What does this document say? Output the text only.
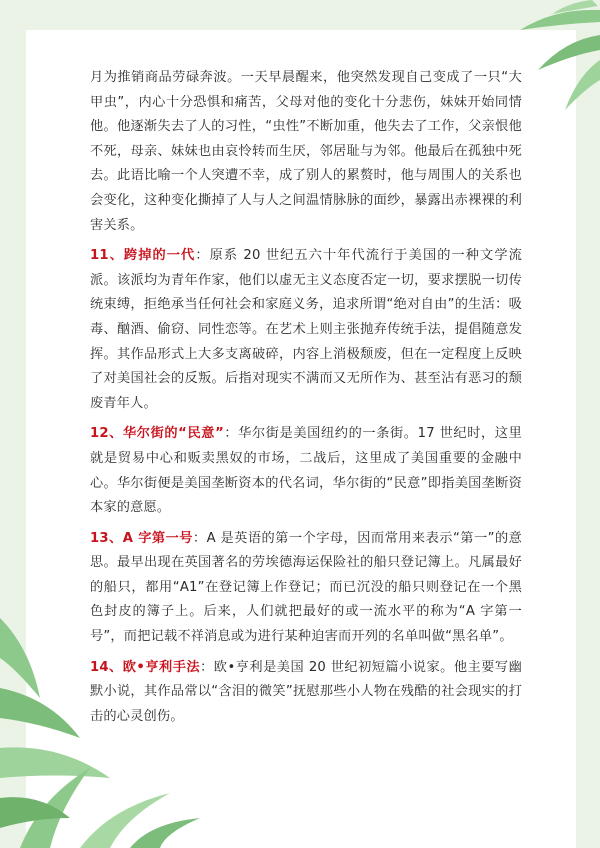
月为推销商品劳碌奔波。一天早晨醒来，他突然发现自己变成了一只“大甲虫”，内心十分恐惧和痛苦，父母对他的变化十分悲伤，妹妹开始同情他。他逐渐失去了人的习性，“虫性”不断加重，他失去了工作，父亲恨他不死，母亲、妹妹也由哀怜转而生厌，邻居耻与为邻。他最后在孤独中死去。此语比喻一个人突遭不幸，成了别人的累赘时，他与周围人的关系也会变化，这种变化撕掉了人与人之间温情脉脉的面纱，暴露出赤裸裸的利害关系。

11、跨掉的一代：原系 20 世纪五六十年代流行于美国的一种文学流派。该派均为青年作家，他们以虚无主义态度否定一切，要求摆脱一切传统束缚，拒绝承当任何社会和家庭义务，追求所谓“绝对自由”的生活：吸毒、酗酒、偷窃、同性恋等。在艺术上则主张抛弃传统手法，提倡随意发挥。其作品形式上大多支离破碎，内容上消极颓废，但在一定程度上反映了对美国社会的反叛。后指对现实不满而又无所作为、甚至沾有恶习的颓废青年人。

12、华尔街的“民意”：华尔街是美国纽约的一条街。17 世纪时，这里就是贸易中心和贩卖黑奴的市场，二战后，这里成了美国重要的金融中心。华尔街便是美国垄断资本的代名词，华尔街的“民意”即指美国垄断资本家的意愿。

13、A 字第一号：A 是英语的第一个字母，因而常用来表示“第一”的意思。最早出现在英国著名的劳埃德海运保险社的船只登记簿上。凡属最好的船只，都用“A1”在登记簿上作登记；而已沉没的船只则登记在一个黑色封皮的簿子上。后来，人们就把最好的或一流水平的称为“A 字第一号”，而把记载不祥消息或为进行某种迫害而开列的名单叫做“黑名单”。

14、欧•亨利手法：欧•亨利是美国 20 世纪初短篇小说家。他主要写幽默小说，其作品常以“含泪的微笑”抚慰那些小人物在残酷的社会现实的打击的心灵创伤。
